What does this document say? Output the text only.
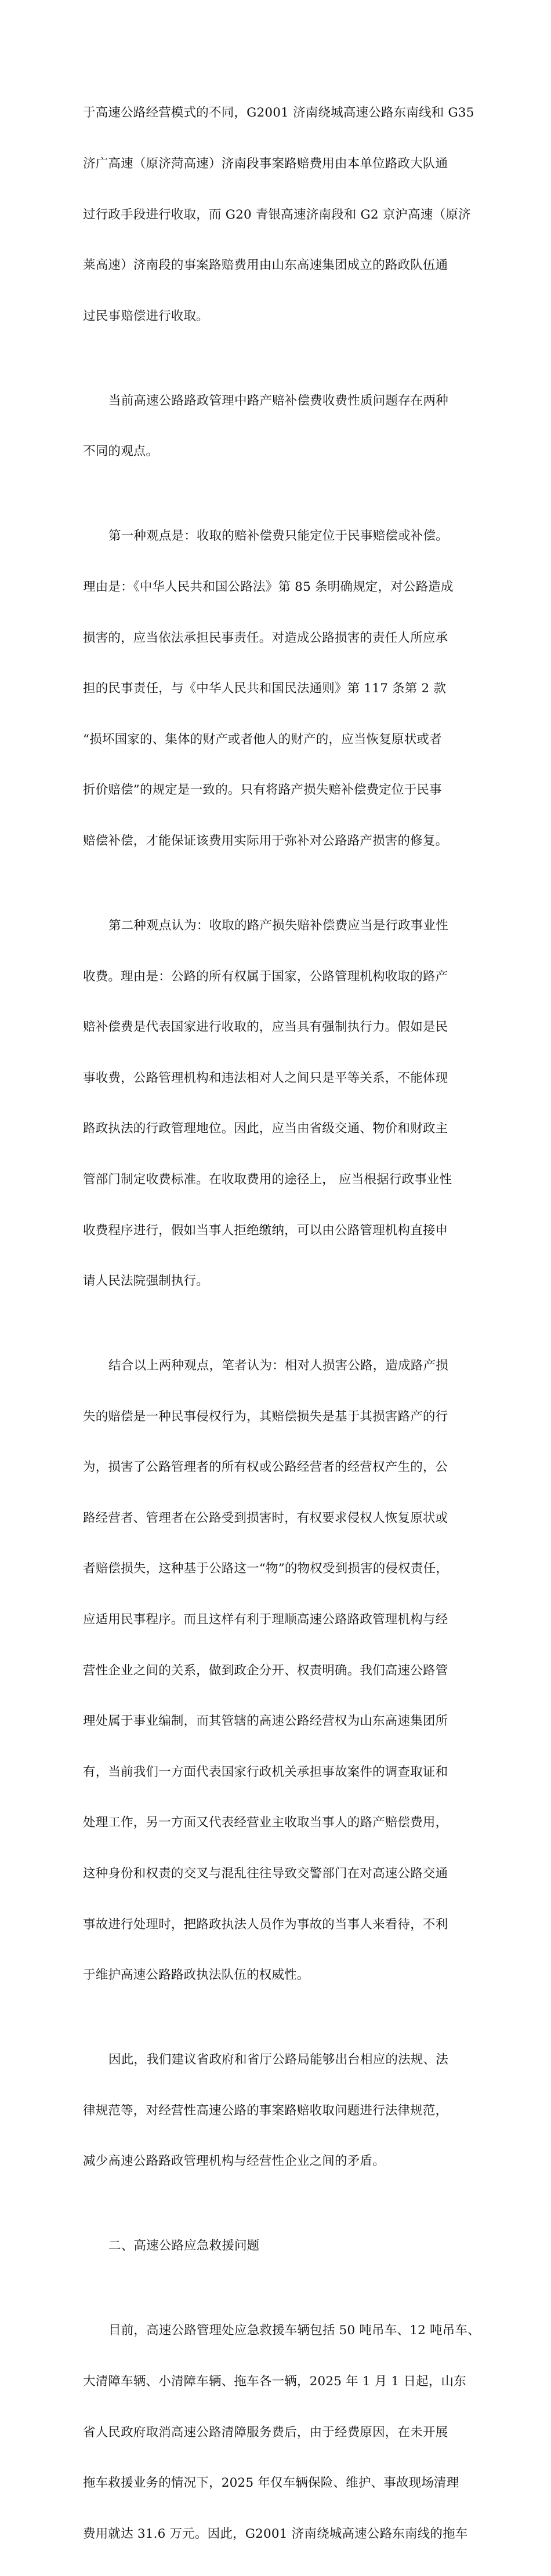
于高速公路经营模式的不同，G2001 济南绕城高速公路东南线和 G35

济广高速（原济菏高速）济南段事案路赔费用由本单位路政大队通

过行政手段进行收取，而 G20 青银高速济南段和 G2 京沪高速（原济

莱高速）济南段的事案路赔费用由山东高速集团成立的路政队伍通

过民事赔偿进行收取。

当前高速公路路政管理中路产赔补偿费收费性质问题存在两种

不同的观点。

第一种观点是：收取的赔补偿费只能定位于民事赔偿或补偿。

理由是：《中华人民共和国公路法》第 85 条明确规定，对公路造成

损害的，应当依法承担民事责任。对造成公路损害的责任人所应承

担的民事责任，与《中华人民共和国民法通则》第 117 条第 2 款

“损坏国家的、集体的财产或者他人的财产的，应当恢复原状或者

折价赔偿”的规定是一致的。只有将路产损失赔补偿费定位于民事

赔偿补偿，才能保证该费用实际用于弥补对公路路产损害的修复。

第二种观点认为：收取的路产损失赔补偿费应当是行政事业性

收费。理由是：公路的所有权属于国家，公路管理机构收取的路产

赔补偿费是代表国家进行收取的，应当具有强制执行力。假如是民

事收费，公路管理机构和违法相对人之间只是平等关系，不能体现

路政执法的行政管理地位。因此，应当由省级交通、物价和财政主

管部门制定收费标准。在收取费用的途径上， 应当根据行政事业性

收费程序进行，假如当事人拒绝缴纳，可以由公路管理机构直接申

请人民法院强制执行。

结合以上两种观点，笔者认为：相对人损害公路，造成路产损

失的赔偿是一种民事侵权行为，其赔偿损失是基于其损害路产的行

为，损害了公路管理者的所有权或公路经营者的经营权产生的，公

路经营者、管理者在公路受到损害时，有权要求侵权人恢复原状或

者赔偿损失，这种基于公路这一“物”的物权受到损害的侵权责任，

应适用民事程序。而且这样有利于理顺高速公路路政管理机构与经

营性企业之间的关系，做到政企分开、权责明确。我们高速公路管

理处属于事业编制，而其管辖的高速公路经营权为山东高速集团所

有，当前我们一方面代表国家行政机关承担事故案件的调查取证和

处理工作，另一方面又代表经营业主收取当事人的路产赔偿费用，

这种身份和权责的交叉与混乱往往导致交警部门在对高速公路交通

事故进行处理时，把路政执法人员作为事故的当事人来看待，不利

于维护高速公路路政执法队伍的权威性。

因此，我们建议省政府和省厅公路局能够出台相应的法规、法

律规范等，对经营性高速公路的事案路赔收取问题进行法律规范，

减少高速公路路政管理机构与经营性企业之间的矛盾。

二、高速公路应急救援问题

目前，高速公路管理处应急救援车辆包括 50 吨吊车、12 吨吊车、

大清障车辆、小清障车辆、拖车各一辆，2025 年 1 月 1 日起，山东

省人民政府取消高速公路清障服务费后，由于经费原因，在未开展

拖车救援业务的情况下，2025 年仅车辆保险、维护、事故现场清理

费用就达 31.6 万元。因此，G2001 济南绕城高速公路东南线的拖车
